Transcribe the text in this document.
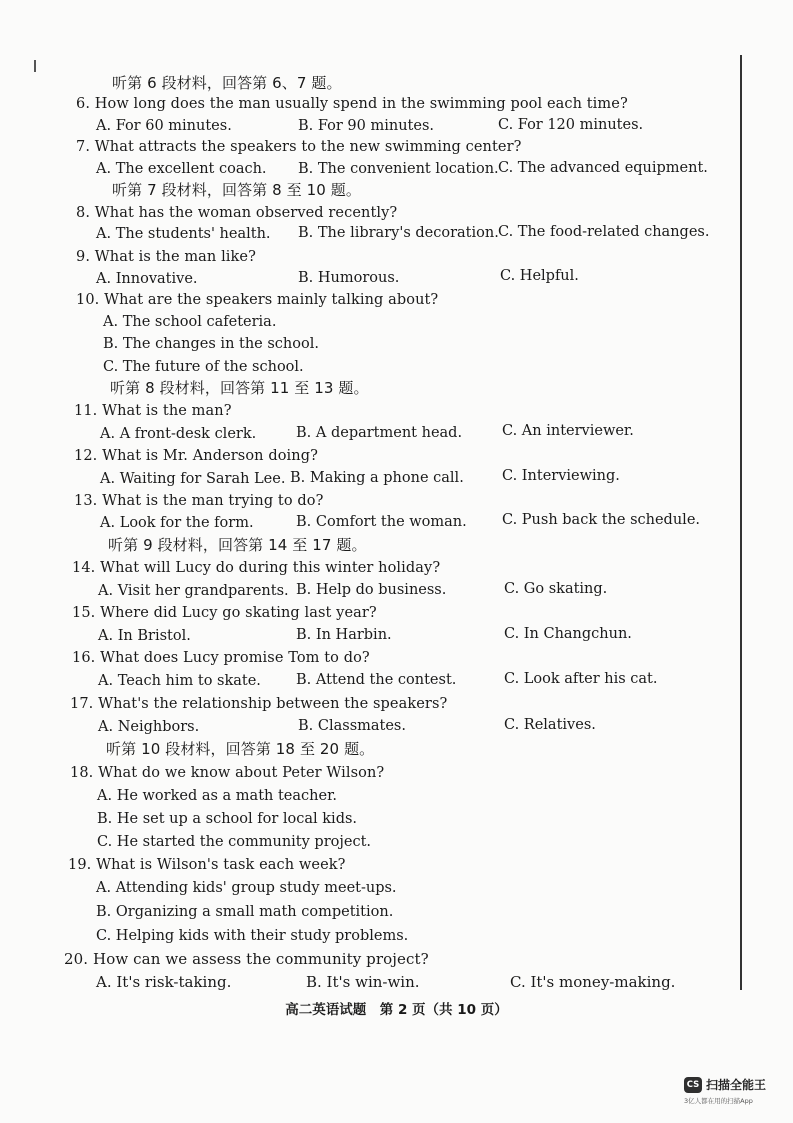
听第 6 段材料，回答第 6、7 题。
6. How long does the man usually spend in the swimming pool each time?
A. For 60 minutes.	B. For 90 minutes.	C. For 120 minutes.
7. What attracts the speakers to the new swimming center?
A. The excellent coach. B. The convenient location. C. The advanced equipment.
听第 7 段材料，回答第 8 至 10 题。
8. What has the woman observed recently?
A. The students' health. B. The library's decoration. C. The food-related changes.
9. What is the man like?
A. Innovative.	B. Humorous.	C. Helpful.
10. What are the speakers mainly talking about?
A. The school cafeteria.
B. The changes in the school.
C. The future of the school.
听第 8 段材料，回答第 11 至 13 题。
11. What is the man?
A. A front-desk clerk.	B. A department head.	C. An interviewer.
12. What is Mr. Anderson doing?
A. Waiting for Sarah Lee. B. Making a phone call.	C. Interviewing.
13. What is the man trying to do?
A. Look for the form.	B. Comfort the woman. C. Push back the schedule.
听第 9 段材料，回答第 14 至 17 题。
14. What will Lucy do during this winter holiday?
A. Visit her grandparents. B. Help do business.	C. Go skating.
15. Where did Lucy go skating last year?
A. In Bristol.	B. In Harbin.	C. In Changchun.
16. What does Lucy promise Tom to do?
A. Teach him to skate. B. Attend the contest.	C. Look after his cat.
17. What's the relationship between the speakers?
A. Neighbors.	B. Classmates.	C. Relatives.
听第 10 段材料，回答第 18 至 20 题。
18. What do we know about Peter Wilson?
A. He worked as a math teacher.
B. He set up a school for local kids.
C. He started the community project.
19. What is Wilson's task each week?
A. Attending kids' group study meet-ups.
B. Organizing a small math competition.
C. Helping kids with their study problems.
20. How can we assess the community project?
A. It's risk-taking.	B. It's win-win.	C. It's money-making.
高二英语试题　第 2 页（共 10 页）
CS 扫描全能王
3亿人都在用的扫描App
